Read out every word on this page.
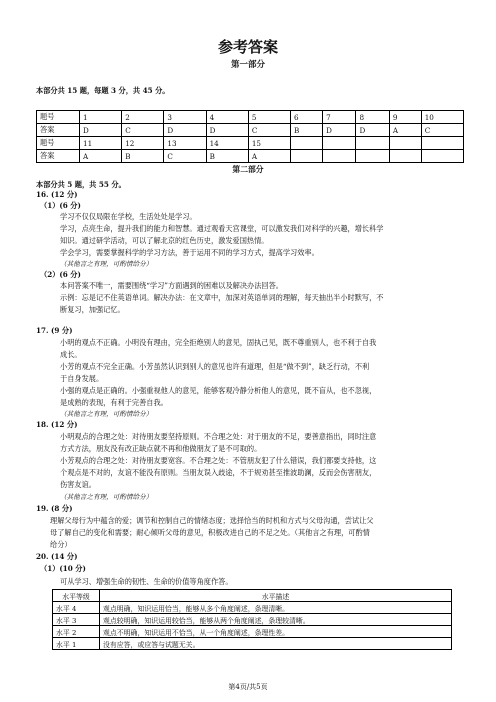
参考答案
第一部分
本部分共 15 题，每题 3 分，共 45 分。
题号	1	2	3	4	5	6	7	8	9	10
答案	D	C	D	D	C	B	D	D	A	C
题号	11	12	13	14	15					
答案	A	B	C	B	A					
第二部分
本部分共 5 题，共 55 分。
16. (12 分)
（1）(6 分)
学习不仅仅局限在学校，生活处处是学习。
学习，点亮生命，提升我们的能力和智慧。通过观看天宫课堂，可以激发我们对科学的兴趣，增长科学
知识。通过研学活动，可以了解北京的红色历史，激发爱国热情。
学会学习，需要掌握科学的学习方法，善于运用不同的学习方式，提高学习效率。
（其他言之有理，可酌情给分）
（2）(6 分)
本问答案不唯一，需要围绕“学习”方面遇到的困难以及解决办法回答。
示例：忘是记不住英语单词。解决办法：在文章中，加深对英语单词的理解，每天抽出半小时默写，不
断复习，加强记忆。
17. (9 分)
小明的观点不正确。小明没有理由，完全拒绝别人的意见，固执己见，既不尊重别人，也不利于自我
成长。
小芳的观点不完全正确。小芳虽然认识到别人的意见也许有道理，但是“做不到”，缺乏行动，不利
于自身发展。
小强的观点是正确的。小强重视他人的意见，能够客观冷静分析他人的意见，既不盲从，也不忽视，
是成熟的表现，有利于完善自我。
（其他言之有理，可酌情给分）
18. (12 分)
小明观点的合理之处：对待朋友要坚持原则。不合理之处：对于朋友的不足，要善意指出，同时注意
方式方法，朋友没有改正缺点就不再和他做朋友了是不可取的。
小芳观点的合理之处：对待朋友要宽容。不合理之处：不管朋友犯了什么错误，我们都要支持他，这
个观点是不对的，友谊不能没有原则。当朋友误入歧途，不于规劝甚至推波助澜，反而会伤害朋友，
伤害友谊。
（其他言之有理，可酌情给分）
19. (8 分)
理解父母行为中蕴含的爱；调节和控制自己的情绪态度；选择恰当的时机和方式与父母沟通，尝试让父
母了解自己的变化和需要；耐心倾听父母的意见，积极改进自己的不足之处。（其他言之有理，可酌情
给分）
20. (14 分)
（1）(10 分)
可从学习、增强生命的韧性、生命的价值等角度作答。
水平等级	水平描述
水平 4	观点明确，知识运用恰当，能够从多个角度阐述，条理清晰。
水平 3	观点较明确，知识运用较恰当，能够从两个角度阐述，条理较清晰。
水平 2	观点不明确，知识运用不恰当，从一个角度阐述，条理性差。
水平 1	没有应答，或应答与试题无关。
第4页/共5页
